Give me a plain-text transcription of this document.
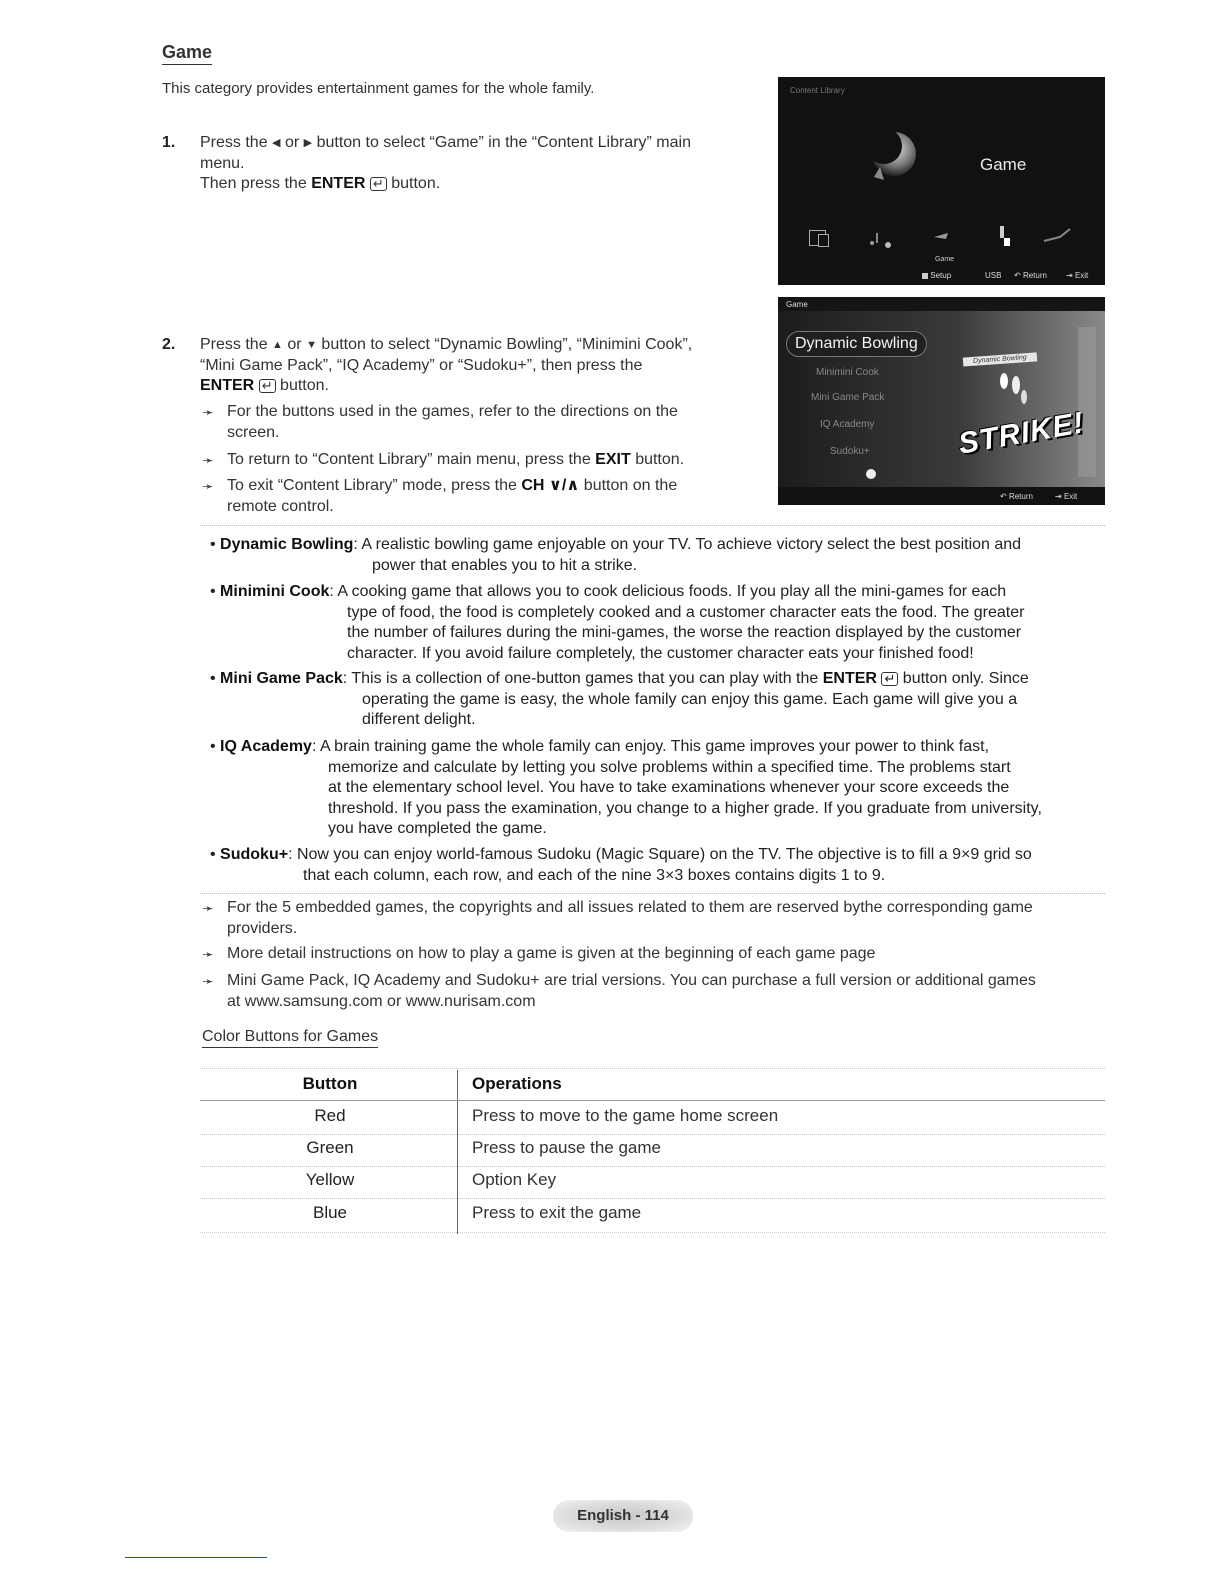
Game
This category provides entertainment games for the whole family.
1. Press the ◀ or ▶ button to select “Game” in the “Content Library” main
menu.
Then press the ENTER ↵ button.
Content Library
Game
Game
Setup	USB ↶ Return ⇥ Exit
2. Press the ▲ or ▼ button to select “Dynamic Bowling”, “Minimini Cook”,
“Mini Game Pack”, “IQ Academy” or “Sudoku+”, then press the
ENTER ↵ button.
➛ For the buttons used in the games, refer to the directions on the
screen.
➛ To return to “Content Library” main menu, press the EXIT button.
➛ To exit “Content Library” mode, press the CH ∨/∧ button on the
remote control.
Game
Dynamic Bowling
Minimini Cook
Mini Game Pack
IQ Academy
Sudoku+
Dynamic Bowling
STRIKE!
↶ Return	⇥ Exit
• Dynamic Bowling: A realistic bowling game enjoyable on your TV. To achieve victory select the best position and
power that enables you to hit a strike.
• Minimini Cook: A cooking game that allows you to cook delicious foods. If you play all the mini-games for each
type of food, the food is completely cooked and a customer character eats the food. The greater
the number of failures during the mini-games, the worse the reaction displayed by the customer
character. If you avoid failure completely, the customer character eats your finished food!
• Mini Game Pack: This is a collection of one-button games that you can play with the ENTER ↵ button only. Since
operating the game is easy, the whole family can enjoy this game. Each game will give you a
different delight.
• IQ Academy: A brain training game the whole family can enjoy. This game improves your power to think fast,
memorize and calculate by letting you solve problems within a specified time. The problems start
at the elementary school level. You have to take examinations whenever your score exceeds the
threshold. If you pass the examination, you change to a higher grade. If you graduate from university,
you have completed the game.
• Sudoku+: Now you can enjoy world-famous Sudoku (Magic Square) on the TV. The objective is to fill a 9×9 grid so
that each column, each row, and each of the nine 3×3 boxes contains digits 1 to 9.
➛ For the 5 embedded games, the copyrights and all issues related to them are reserved bythe corresponding game
providers.
➛ More detail instructions on how to play a game is given at the beginning of each game page
➛ Mini Game Pack, IQ Academy and Sudoku+ are trial versions. You can purchase a full version or additional games
at www.samsung.com or www.nurisam.com
Color Buttons for Games
Button	Operations
Red	Press to move to the game home screen
Green	Press to pause the game
Yellow	Option Key
Blue	Press to exit the game
English - 114
